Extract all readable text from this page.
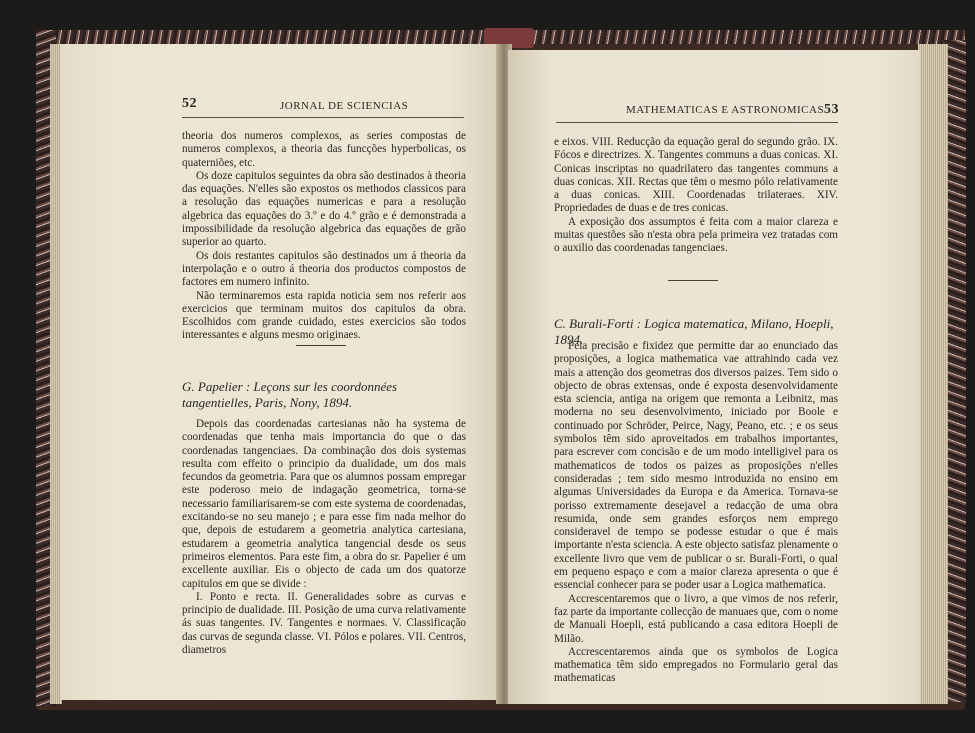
52	JORNAL DE SCIENCIAS

theoria dos numeros complexos, as series compostas de numeros complexos, a theoria das funcções hyperbolicas, os quaterniões, etc.

Os doze capitulos seguintes da obra são destinados à theoria das equações. N'elles são expostos os methodos classicos para a resolução das equações numericas e para a resolução algebrica das equações do 3.º e do 4.º grão e é demonstrada a impossibilidade da resolução algebrica das equações de grão superior ao quarto.

Os dois restantes capitulos são destinados um á theoria da interpolação e o outro á theoria dos productos compostos de factores em numero infinito.

Não terminaremos esta rapida noticia sem nos referir aos exercicios que terminam muitos dos capitulos da obra. Escolhidos com grande cuidado, estes exercicios são todos interessantes e alguns mesmo originaes.

G. Papelier : Leçons sur les coordonnées tangentielles, Paris, Nony, 1894.

Depois das coordenadas cartesianas não ha systema de coordenadas que tenha mais importancia do que o das coordenadas tangenciaes. Da combinação dos dois systemas resulta com effeito o principio da dualidade, um dos mais fecundos da geometria. Para que os alumnos possam empregar este poderoso meio de indagação geometrica, torna-se necessario familiarisarem-se com este systema de coordenadas, excitando-se no seu manejo ; e para esse fim nada melhor do que, depois de estudarem a geometria analytica cartesiana, estudarem a geometria analytica tangencial desde os seus primeiros elementos. Para este fim, a obra do sr. Papelier é um excellente auxiliar. Eis o objecto de cada um dos quatorze capitulos em que se divide :

I. Ponto e recta. II. Generalidades sobre as curvas e principio de dualidade. III. Posição de uma curva relativamente ás suas tangentes. IV. Tangentes e normaes. V. Classificação das curvas de segunda classe. VI. Pólos e polares. VII. Centros, diametros

MATHEMATICAS E ASTRONOMICAS 53

e eixos. VIII. Reducção da equação geral do segundo grão. IX. Fócos e directrizes. X. Tangentes communs a duas conicas. XI. Conicas inscriptas no quadrilatero das tangentes communs a duas conicas. XII. Rectas que têm o mesmo pólo relativamente a duas conicas. XIII. Coordenadas trilateraes. XIV. Propriedades de duas e de tres conicas.

A exposição dos assumptos é feita com a maior clareza e muitas questões são n'esta obra pela primeira vez tratadas com o auxilio das coordenadas tangenciaes.

C. Burali-Forti : Logica matematica, Milano, Hoepli, 1894.

Pela precisão e fixidez que permitte dar ao enunciado das proposições, a logica mathematica vae attrahindo cada vez mais a attenção dos geometras dos diversos paizes. Tem sido o objecto de obras extensas, onde é exposta desenvolvidamente esta sciencia, antiga na origem que remonta a Leibnitz, mas moderna no seu desenvolvimento, iniciado por Boole e continuado por Schröder, Peirce, Nagy, Peano, etc. ; e os seus symbolos têm sido aproveitados em trabalhos importantes, para escrever com concisão e de um modo intelligivel para os mathematicos de todos os paizes as proposições n'elles consideradas ; tem sido mesmo introduzida no ensino em algumas Universidades da Europa e da America. Tornava-se porisso extremamente desejavel a redacção de uma obra resumida, onde sem grandes esforços nem emprego consideravel de tempo se podesse estudar o que é mais importante n'esta sciencia. A este objecto satisfaz plenamente o excellente livro que vem de publicar o sr. Burali-Forti, o qual em pequeno espaço e com a maior clareza apresenta o que é essencial conhecer para se poder usar a Logica mathematica.

Accrescentaremos que o livro, a que vimos de nos referir, faz parte da importante collecção de manuaes que, com o nome de Manuali Hoepli, está publicando a casa editora Hoepli de Milão.

Accrescentaremos ainda que os symbolos de Logica mathematica têm sido empregados no Formulario geral das mathematicas
